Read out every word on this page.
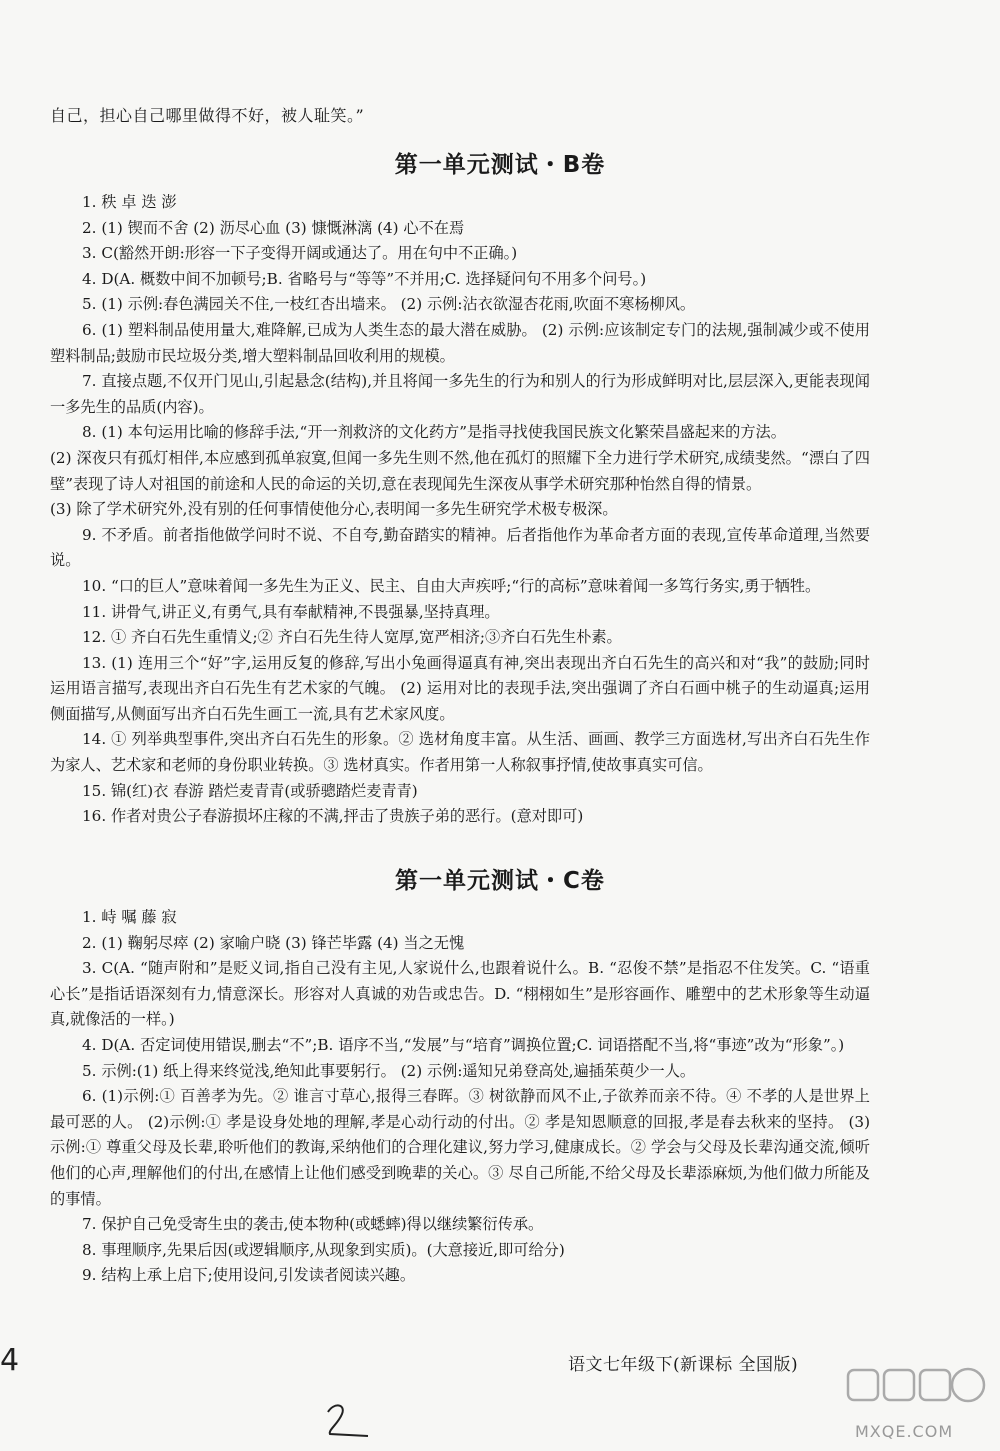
自己，担心自己哪里做得不好，被人耻笑。”
第一单元测试・B卷

1. 秩 卓 迭 澎

2. (1) 锲而不舍 (2) 沥尽心血 (3) 慷慨淋漓 (4) 心不在焉

3. C(豁然开朗:形容一下子变得开阔或通达了。用在句中不正确。)

4. D(A. 概数中间不加顿号;B. 省略号与“等等”不并用;C. 选择疑问句不用多个问号。)

5. (1) 示例:春色满园关不住,一枝红杏出墙来。 (2) 示例:沾衣欲湿杏花雨,吹面不寒杨柳风。

6. (1) 塑料制品使用量大,难降解,已成为人类生态的最大潜在威胁。 (2) 示例:应该制定专门的法规,强制减少或不使用塑料制品;鼓励市民垃圾分类,增大塑料制品回收利用的规模。

7. 直接点题,不仅开门见山,引起悬念(结构),并且将闻一多先生的行为和别人的行为形成鲜明对比,层层深入,更能表现闻一多先生的品质(内容)。

8. (1) 本句运用比喻的修辞手法,“开一剂救济的文化药方”是指寻找使我国民族文化繁荣昌盛起来的方法。

(2) 深夜只有孤灯相伴,本应感到孤单寂寞,但闻一多先生则不然,他在孤灯的照耀下全力进行学术研究,成绩斐然。“漂白了四壁”表现了诗人对祖国的前途和人民的命运的关切,意在表现闻先生深夜从事学术研究那种怡然自得的情景。

(3) 除了学术研究外,没有别的任何事情使他分心,表明闻一多先生研究学术极专极深。

9. 不矛盾。前者指他做学问时不说、不自夸,勤奋踏实的精神。后者指他作为革命者方面的表现,宣传革命道理,当然要说。

10. “口的巨人”意味着闻一多先生为正义、民主、自由大声疾呼;“行的高标”意味着闻一多笃行务实,勇于牺牲。

11. 讲骨气,讲正义,有勇气,具有奉献精神,不畏强暴,坚持真理。

12. ① 齐白石先生重情义;② 齐白石先生待人宽厚,宽严相济;③齐白石先生朴素。

13. (1) 连用三个“好”字,运用反复的修辞,写出小兔画得逼真有神,突出表现出齐白石先生的高兴和对“我”的鼓励;同时运用语言描写,表现出齐白石先生有艺术家的气魄。 (2) 运用对比的表现手法,突出强调了齐白石画中桃子的生动逼真;运用侧面描写,从侧面写出齐白石先生画工一流,具有艺术家风度。

14. ① 列举典型事件,突出齐白石先生的形象。② 选材角度丰富。从生活、画画、教学三方面选材,写出齐白石先生作为家人、艺术家和老师的身份职业转换。③ 选材真实。作者用第一人称叙事抒情,使故事真实可信。

15. 锦(红)衣 春游 踏烂麦青青(或骄骢踏烂麦青青)

16. 作者对贵公子春游损坏庄稼的不满,抨击了贵族子弟的恶行。(意对即可)

第一单元测试・C卷

1. 峙 嘱 藤 寂

2. (1) 鞠躬尽瘁 (2) 家喻户晓 (3) 锋芒毕露 (4) 当之无愧

3. C(A. “随声附和”是贬义词,指自己没有主见,人家说什么,也跟着说什么。B. “忍俊不禁”是指忍不住发笑。C. “语重心长”是指话语深刻有力,情意深长。形容对人真诚的劝告或忠告。D. “栩栩如生”是形容画作、雕塑中的艺术形象等生动逼真,就像活的一样。)

4. D(A. 否定词使用错误,删去“不”;B. 语序不当,“发展”与“培育”调换位置;C. 词语搭配不当,将“事迹”改为“形象”。)

5. 示例:(1) 纸上得来终觉浅,绝知此事要躬行。 (2) 示例:遥知兄弟登高处,遍插茱萸少一人。

6. (1)示例:① 百善孝为先。② 谁言寸草心,报得三春晖。③ 树欲静而风不止,子欲养而亲不待。④ 不孝的人是世界上最可恶的人。 (2)示例:① 孝是设身处地的理解,孝是心动行动的付出。② 孝是知恩顺意的回报,孝是春去秋来的坚持。 (3)示例:① 尊重父母及长辈,聆听他们的教诲,采纳他们的合理化建议,努力学习,健康成长。② 学会与父母及长辈沟通交流,倾听他们的心声,理解他们的付出,在感情上让他们感受到晚辈的关心。③ 尽自己所能,不给父母及长辈添麻烦,为他们做力所能及的事情。

7. 保护自己免受寄生虫的袭击,使本物种(或蟋蟀)得以继续繁衍传承。

8. 事理顺序,先果后因(或逻辑顺序,从现象到实质)。(大意接近,即可给分)

9. 结构上承上启下;使用设问,引发读者阅读兴趣。

4	语文七年级下(新课标 全国版)
MXQE.COM
